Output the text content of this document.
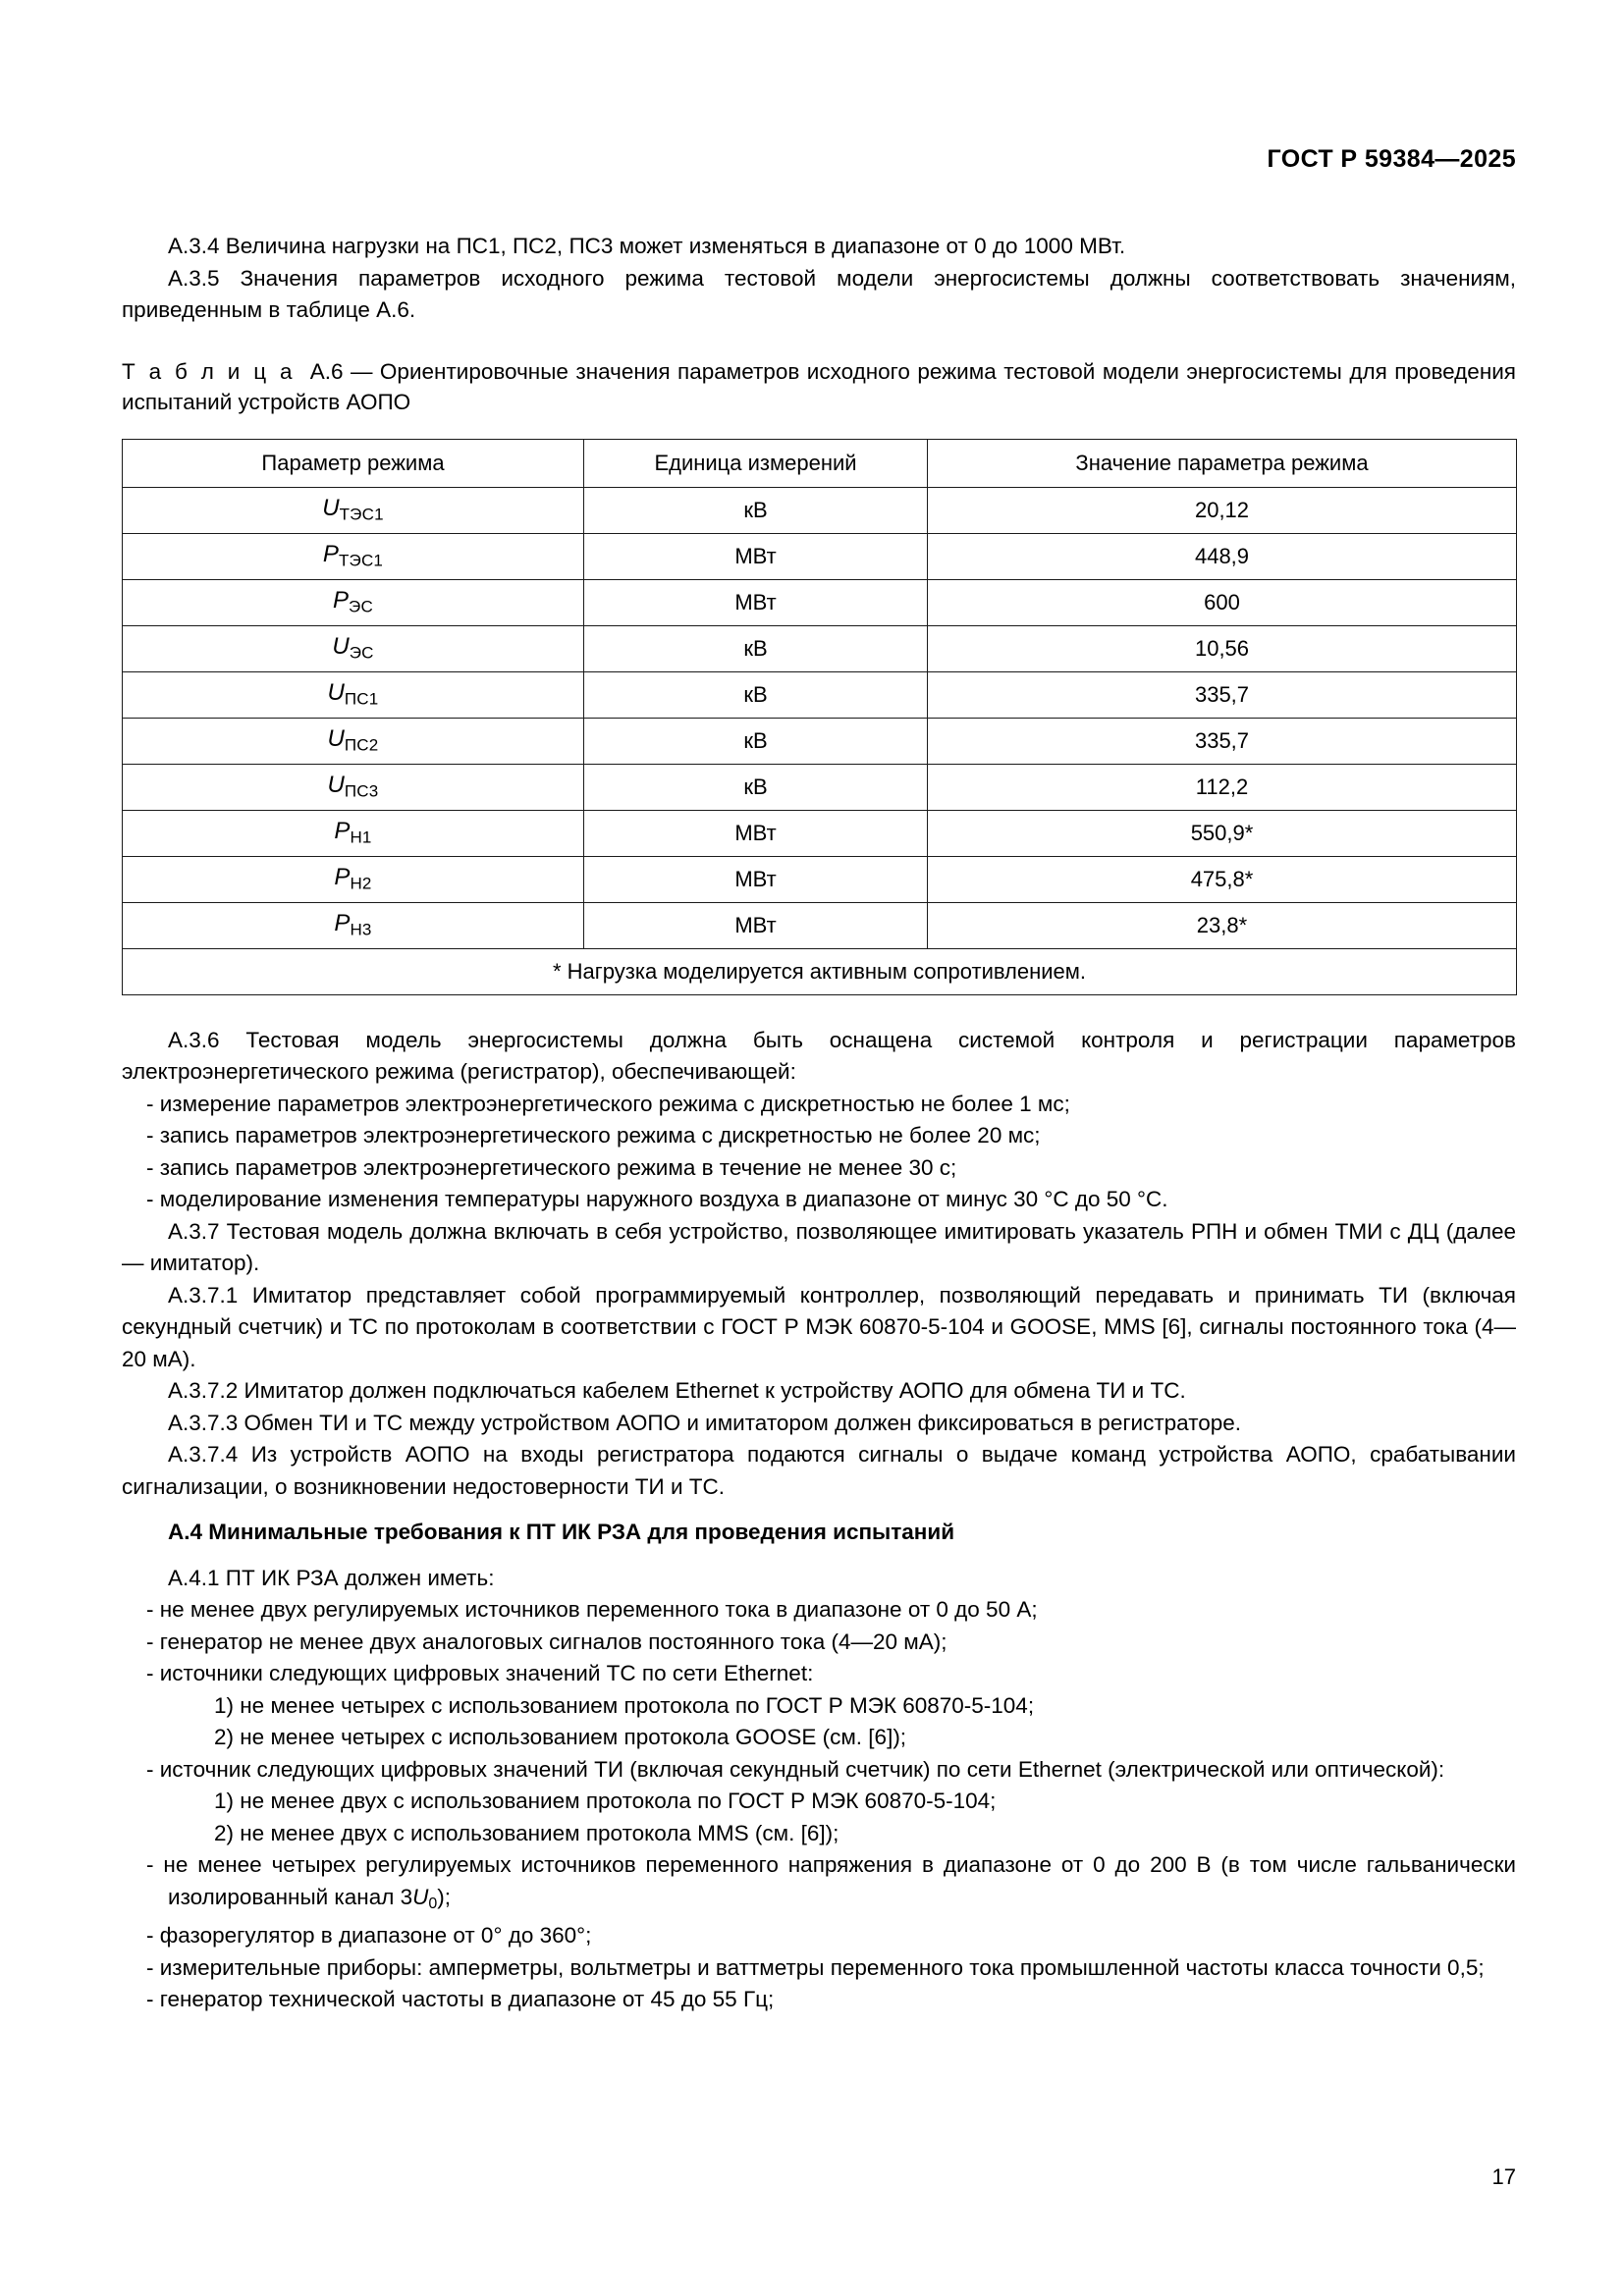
ГОСТ Р 59384—2025

А.3.4 Величина нагрузки на ПС1, ПС2, ПС3 может изменяться в диапазоне от 0 до 1000 МВт.

А.3.5 Значения параметров исходного режима тестовой модели энергосистемы должны соответствовать значениям, приведенным в таблице А.6.

Т а б л и ц а А.6 — Ориентировочные значения параметров исходного режима тестовой модели энергосистемы для проведения испытаний устройств АОПО

Параметр режима	Единица измерений	Значение параметра режима
$U_{ТЭС1}$	кВ	20,12
$P_{ТЭС1}$	МВт	448,9
$P_{ЭС}$	МВт	600
$U_{ЭС}$	кВ	10,56
$U_{ПС1}$	кВ	335,7
$U_{ПС2}$	кВ	335,7
$U_{ПС3}$	кВ	112,2
$P_{Н1}$	МВт	550,9*
$P_{Н2}$	МВт	475,8*
$P_{Н3}$	МВт	23,8*
* Нагрузка моделируется активным сопротивлением.		

А.3.6 Тестовая модель энергосистемы должна быть оснащена системой контроля и регистрации параметров электроэнергетического режима (регистратор), обеспечивающей:

- измерение параметров электроэнергетического режима с дискретностью не более 1 мс;

- запись параметров электроэнергетического режима с дискретностью не более 20 мс;

- запись параметров электроэнергетического режима в течение не менее 30 с;

- моделирование изменения температуры наружного воздуха в диапазоне от минус 30 °С до 50 °С.

А.3.7 Тестовая модель должна включать в себя устройство, позволяющее имитировать указатель РПН и обмен ТМИ с ДЦ (далее — имитатор).

А.3.7.1 Имитатор представляет собой программируемый контроллер, позволяющий передавать и принимать ТИ (включая секундный счетчик) и ТС по протоколам в соответствии с ГОСТ Р МЭК 60870-5-104 и GOOSE, MMS [6], сигналы постоянного тока (4—20 мА).

А.3.7.2 Имитатор должен подключаться кабелем Ethernet к устройству АОПО для обмена ТИ и ТС.

А.3.7.3 Обмен ТИ и ТС между устройством АОПО и имитатором должен фиксироваться в регистраторе.

А.3.7.4 Из устройств АОПО на входы регистратора подаются сигналы о выдаче команд устройства АОПО, срабатывании сигнализации, о возникновении недостоверности ТИ и ТС.

А.4 Минимальные требования к ПТ ИК РЗА для проведения испытаний

А.4.1 ПТ ИК РЗА должен иметь:

- не менее двух регулируемых источников переменного тока в диапазоне от 0 до 50 А;

- генератор не менее двух аналоговых сигналов постоянного тока (4—20 мА);

- источники следующих цифровых значений ТС по сети Ethernet:

1) не менее четырех с использованием протокола по ГОСТ Р МЭК 60870-5-104;

2) не менее четырех с использованием протокола GOOSE (см. [6]);

- источник следующих цифровых значений ТИ (включая секундный счетчик) по сети Ethernet (электрической или оптической):

1) не менее двух с использованием протокола по ГОСТ Р МЭК 60870-5-104;

2) не менее двух с использованием протокола MMS (см. [6]);

- не менее четырех регулируемых источников переменного напряжения в диапазоне от 0 до 200 В (в том числе гальванически изолированный канал $3U_0$);

- фазорегулятор в диапазоне от 0° до 360°;

- измерительные приборы: амперметры, вольтметры и ваттметры переменного тока промышленной частоты класса точности 0,5;

- генератор технической частоты в диапазоне от 45 до 55 Гц;

17
